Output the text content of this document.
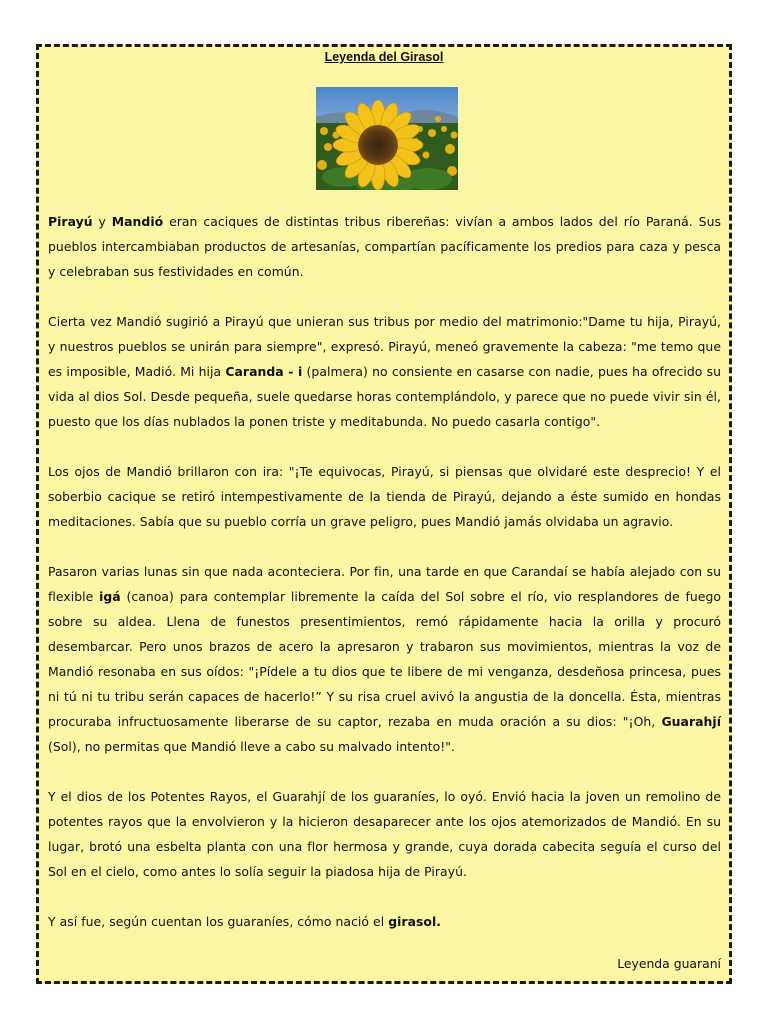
Leyenda del Girasol

Pirayú y Mandió eran caciques de distintas tribus ribereñas: vivían a ambos lados del río Paraná. Sus pueblos intercambiaban productos de artesanías, compartían pacíficamente los predios para caza y pesca y celebraban sus festividades en común.

Cierta vez Mandió sugirió a Pirayú que unieran sus tribus por medio del matrimonio:"Dame tu hija, Pirayú, y nuestros pueblos se unirán para siempre", expresó. Pirayú, meneó gravemente la cabeza: "me temo que es imposible, Madió. Mi hija Caranda - i (palmera) no consiente en casarse con nadie, pues ha ofrecido su vida al dios Sol. Desde pequeña, suele quedarse horas contemplándolo, y parece que no puede vivir sin él, puesto que los días nublados la ponen triste y meditabunda. No puedo casarla contigo".

Los ojos de Mandió brillaron con ira: "¡Te equivocas, Pirayú, si piensas que olvidaré este desprecio! Y el soberbio cacique se retiró intempestivamente de la tienda de Pirayú, dejando a éste sumido en hondas meditaciones. Sabía que su pueblo corría un grave peligro, pues Mandió jamás olvidaba un agravio.

Pasaron varias lunas sin que nada aconteciera. Por fin, una tarde en que Carandaí se había alejado con su flexible igá (canoa) para contemplar libremente la caída del Sol sobre el río, vio resplandores de fuego sobre su aldea. Llena de funestos presentimientos, remó rápidamente hacia la orilla y procuró desembarcar. Pero unos brazos de acero la apresaron y trabaron sus movimientos, mientras la voz de Mandió resonaba en sus oídos: "¡Pídele a tu dios que te libere de mi venganza, desdeñosa princesa, pues ni tú ni tu tribu serán capaces de hacerlo!” Y su risa cruel avivó la angustia de la doncella. Ésta, mientras procuraba infructuosamente liberarse de su captor, rezaba en muda oración a su dios: "¡Oh, Guarahjí (Sol), no permitas que Mandió lleve a cabo su malvado intento!".

Y el dios de los Potentes Rayos, el Guarahjí de los guaraníes, lo oyó. Envió hacia la joven un remolino de potentes rayos que la envolvieron y la hicieron desaparecer ante los ojos atemorizados de Mandió. En su lugar, brotó una esbelta planta con una flor hermosa y grande, cuya dorada cabecita seguía el curso del Sol en el cielo, como antes lo solía seguir la piadosa hija de Pirayú.

Y así fue, según cuentan los guaraníes, cómo nació el girasol.

Leyenda guaraní
